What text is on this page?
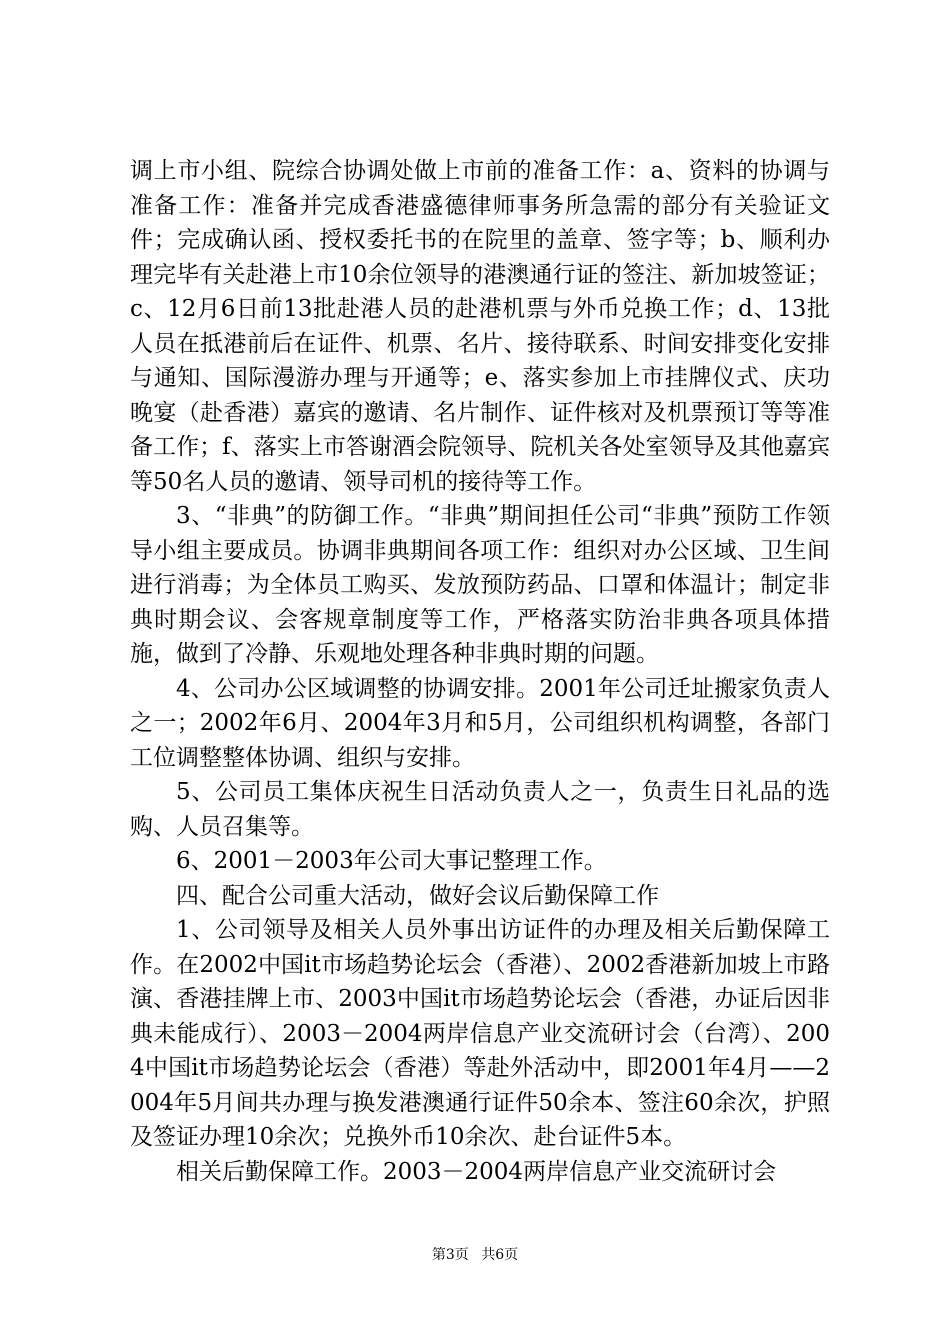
调上市小组、院综合协调处做上市前的准备工作：a、资料的协调与准备工作：准备并完成香港盛德律师事务所急需的部分有关验证文件；完成确认函、授权委托书的在院里的盖章、签字等；b、顺利办理完毕有关赴港上市10余位领导的港澳通行证的签注、新加坡签证；c、12月6日前13批赴港人员的赴港机票与外币兑换工作；d、13批人员在抵港前后在证件、机票、名片、接待联系、时间安排变化安排与通知、国际漫游办理与开通等；e、落实参加上市挂牌仪式、庆功晚宴（赴香港）嘉宾的邀请、名片制作、证件核对及机票预订等等准备工作；f、落实上市答谢酒会院领导、院机关各处室领导及其他嘉宾等50名人员的邀请、领导司机的接待等工作。

3、“非典”的防御工作。“非典”期间担任公司“非典”预防工作领导小组主要成员。协调非典期间各项工作：组织对办公区域、卫生间进行消毒；为全体员工购买、发放预防药品、口罩和体温计；制定非典时期会议、会客规章制度等工作，严格落实防治非典各项具体措施，做到了冷静、乐观地处理各种非典时期的问题。

4、公司办公区域调整的协调安排。2001年公司迁址搬家负责人之一；2002年6月、2004年3月和5月，公司组织机构调整，各部门工位调整整体协调、组织与安排。

5、公司员工集体庆祝生日活动负责人之一，负责生日礼品的选购、人员召集等。

6、2001－2003年公司大事记整理工作。

四、配合公司重大活动，做好会议后勤保障工作

1、公司领导及相关人员外事出访证件的办理及相关后勤保障工作。在2002中国it市场趋势论坛会（香港）、2002香港新加坡上市路演、香港挂牌上市、2003中国it市场趋势论坛会（香港，办证后因非典未能成行）、2003－2004两岸信息产业交流研讨会（台湾）、2004中国it市场趋势论坛会（香港）等赴外活动中，即2001年4月——2004年5月间共办理与换发港澳通行证件50余本、签注60余次，护照及签证办理10余次；兑换外币10余次、赴台证件5本。

相关后勤保障工作。2003－2004两岸信息产业交流研讨会

第3页 共6页
